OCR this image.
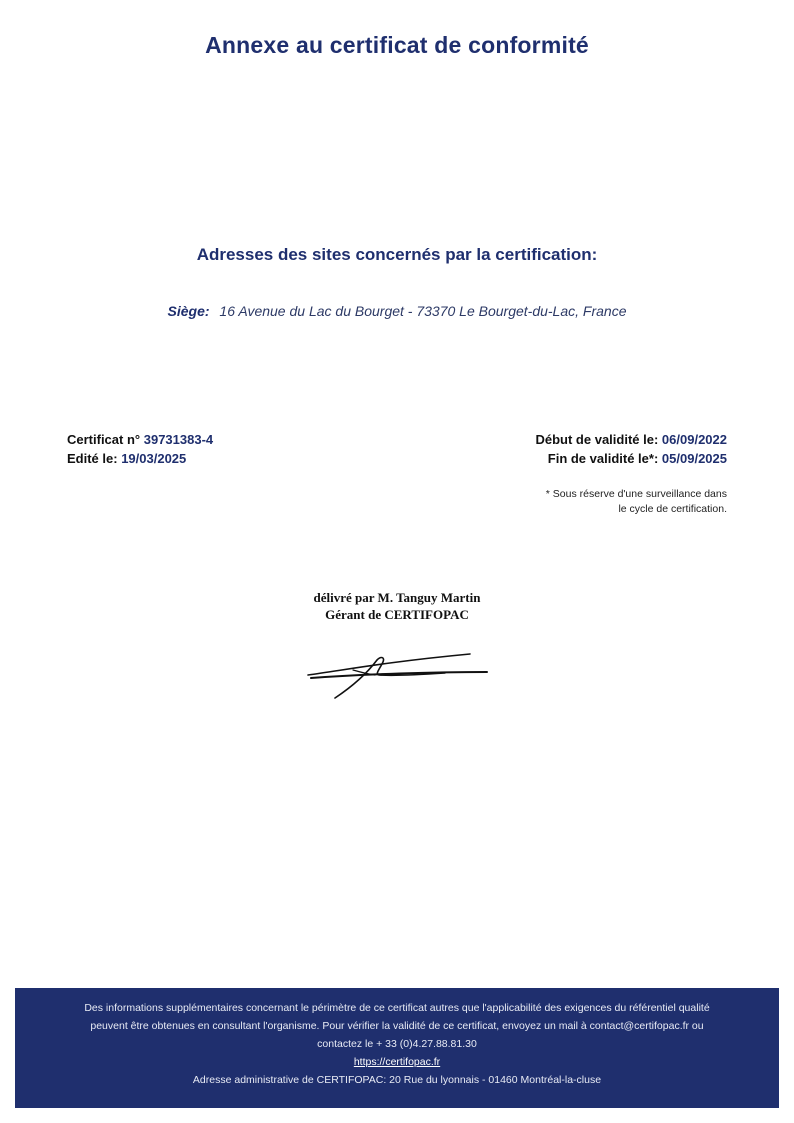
Annexe au certificat de conformité
Adresses des sites concernés par la certification:
Siège: 16 Avenue du Lac du Bourget - 73370 Le Bourget-du-Lac, France
Certificat n° 39731383-4
Edité le: 19/03/2025
Début de validité le: 06/09/2022
Fin de validité le*: 05/09/2025
* Sous réserve d'une surveillance dans
le cycle de certification.
délivré par M. Tanguy Martin
Gérant de CERTIFOPAC
Des informations supplémentaires concernant le périmètre de ce certificat autres que l'applicabilité des exigences du référentiel qualité
peuvent être obtenues en consultant l'organisme. Pour vérifier la validité de ce certificat, envoyez un mail à contact@certifopac.fr ou
contactez le + 33 (0)4.27.88.81.30
https://certifopac.fr
Adresse administrative de CERTIFOPAC: 20 Rue du lyonnais - 01460 Montréal-la-cluse
